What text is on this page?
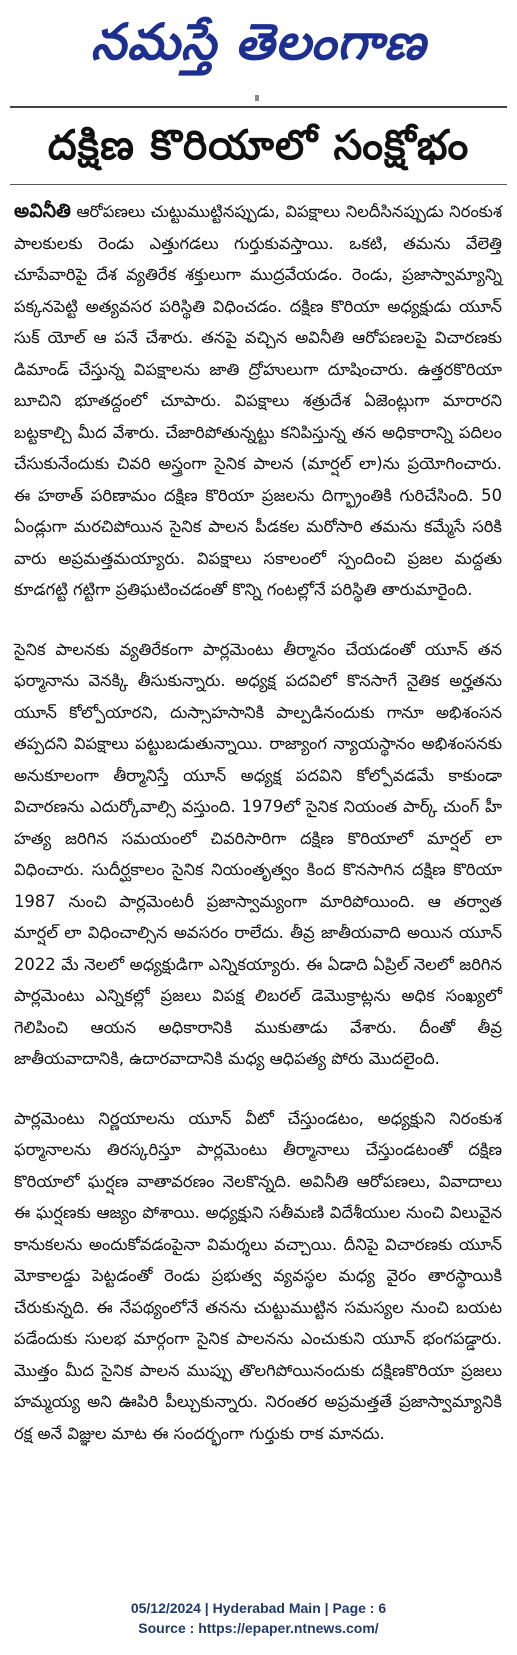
నమస్తే తెలంగాణ
దక్షిణ కొరియాలో సంక్షోభం

అవినీతి ఆరోపణలు చుట్టుముట్టినప్పుడు, విపక్షాలు నిలదీసినప్పుడు నిరంకుశ పాలకులకు రెండు ఎత్తుగడలు గుర్తుకువస్తాయి. ఒకటి, తమను వేలెత్తి చూపేవారిపై దేశ వ్యతిరేక శక్తులుగా ముద్రవేయడం. రెండు, ప్రజాస్వామ్యాన్ని పక్కనపెట్టి అత్యవసర పరిస్థితి విధించడం. దక్షిణ కొరియా అధ్యక్షుడు యూన్ సుక్ యోల్ ఆ పనే చేశారు. తనపై వచ్చిన అవినీతి ఆరోపణలపై విచారణకు డిమాండ్ చేస్తున్న విపక్షాలను జాతి ద్రోహులుగా దూషించారు. ఉత్తరకొరియా బూచిని భూతద్దంలో చూపారు. విపక్షాలు శత్రుదేశ ఏజెంట్లుగా మారారని బట్టకాల్చి మీద వేశారు. చేజారిపోతున్నట్టు కనిపిస్తున్న తన అధికారాన్ని పదిలం చేసుకునేందుకు చివరి అస్త్రంగా సైనిక పాలన (మార్షల్ లా)ను ప్రయోగించారు. ఈ హఠాత్ పరిణామం దక్షిణ కొరియా ప్రజలను దిగ్భ్రాంతికి గురిచేసింది. 50 ఏండ్లుగా మరచిపోయిన సైనిక పాలన పీడకల మరోసారి తమను కమ్మేసే సరికి వారు అప్రమత్తమయ్యారు. విపక్షాలు సకాలంలో స్పందించి ప్రజల మద్దతు కూడగట్టి గట్టిగా ప్రతిఘటించడంతో కొన్ని గంటల్లోనే పరిస్థితి తారుమారైంది.

సైనిక పాలనకు వ్యతిరేకంగా పార్లమెంటు తీర్మానం చేయడంతో యూన్ తన ఫర్మానాను వెనక్కి తీసుకున్నారు. అధ్యక్ష పదవిలో కొనసాగే నైతిక అర్హతను యూన్ కోల్పోయారని, దుస్సాహసానికి పాల్పడినందుకు గానూ అభిశంసన తప్పదని విపక్షాలు పట్టుబడుతున్నాయి. రాజ్యాంగ న్యాయస్థానం అభిశంసనకు అనుకూలంగా తీర్మానిస్తే యూన్ అధ్యక్ష పదవిని కోల్పోవడమే కాకుండా విచారణను ఎదుర్కోవాల్సి వస్తుంది. 1979లో సైనిక నియంత పార్క్ చుంగ్ హీ హత్య జరిగిన సమయంలో చివరిసారిగా దక్షిణ కొరియాలో మార్షల్ లా విధించారు. సుదీర్ఘకాలం సైనిక నియంతృత్వం కింద కొనసాగిన దక్షిణ కొరియా 1987 నుంచి పార్లమెంటరీ ప్రజాస్వామ్యంగా మారిపోయింది. ఆ తర్వాత మార్షల్ లా విధించాల్సిన అవసరం రాలేదు. తీవ్ర జాతీయవాది అయిన యూన్ 2022 మే నెలలో అధ్యక్షుడిగా ఎన్నికయ్యారు. ఈ ఏడాది ఏప్రిల్ నెలలో జరిగిన పార్లమెంటు ఎన్నికల్లో ప్రజలు విపక్ష లిబరల్ డెమొక్రాట్లను అధిక సంఖ్యలో గెలిపించి ఆయన అధికారానికి ముకుతాడు వేశారు. దీంతో తీవ్ర జాతీయవాదానికి, ఉదారవాదానికి మధ్య ఆధిపత్య పోరు మొదలైంది.

పార్లమెంటు నిర్ణయాలను యూన్ వీటో చేస్తుండటం, అధ్యక్షుని నిరంకుశ ఫర్మానాలను తిరస్కరిస్తూ పార్లమెంటు తీర్మానాలు చేస్తుండటంతో దక్షిణ కొరియాలో ఘర్షణ వాతావరణం నెలకొన్నది. అవినీతి ఆరోపణలు, వివాదాలు ఈ ఘర్షణకు ఆజ్యం పోశాయి. అధ్యక్షుని సతీమణి విదేశీయుల నుంచి విలువైన కానుకలను అందుకోవడంపైనా విమర్శలు వచ్చాయి. దీనిపై విచారణకు యూన్ మోకాలడ్డు పెట్టడంతో రెండు ప్రభుత్వ వ్యవస్థల మధ్య వైరం తారస్థాయికి చేరుకున్నది. ఈ నేపథ్యంలోనే తనను చుట్టుముట్టిన సమస్యల నుంచి బయట పడేందుకు సులభ మార్గంగా సైనిక పాలనను ఎంచుకుని యూన్ భంగపడ్డారు. మొత్తం మీద సైనిక పాలన ముప్పు తొలగిపోయినందుకు దక్షిణకొరియా ప్రజలు హమ్మయ్య అని ఊపిరి పీల్చుకున్నారు. నిరంతర అప్రమత్తతే ప్రజాస్వామ్యానికి రక్ష అనే విజ్ఞుల మాట ఈ సందర్భంగా గుర్తుకు రాక మానదు.

05/12/2024 | Hyderabad Main | Page : 6
Source : https://epaper.ntnews.com/
